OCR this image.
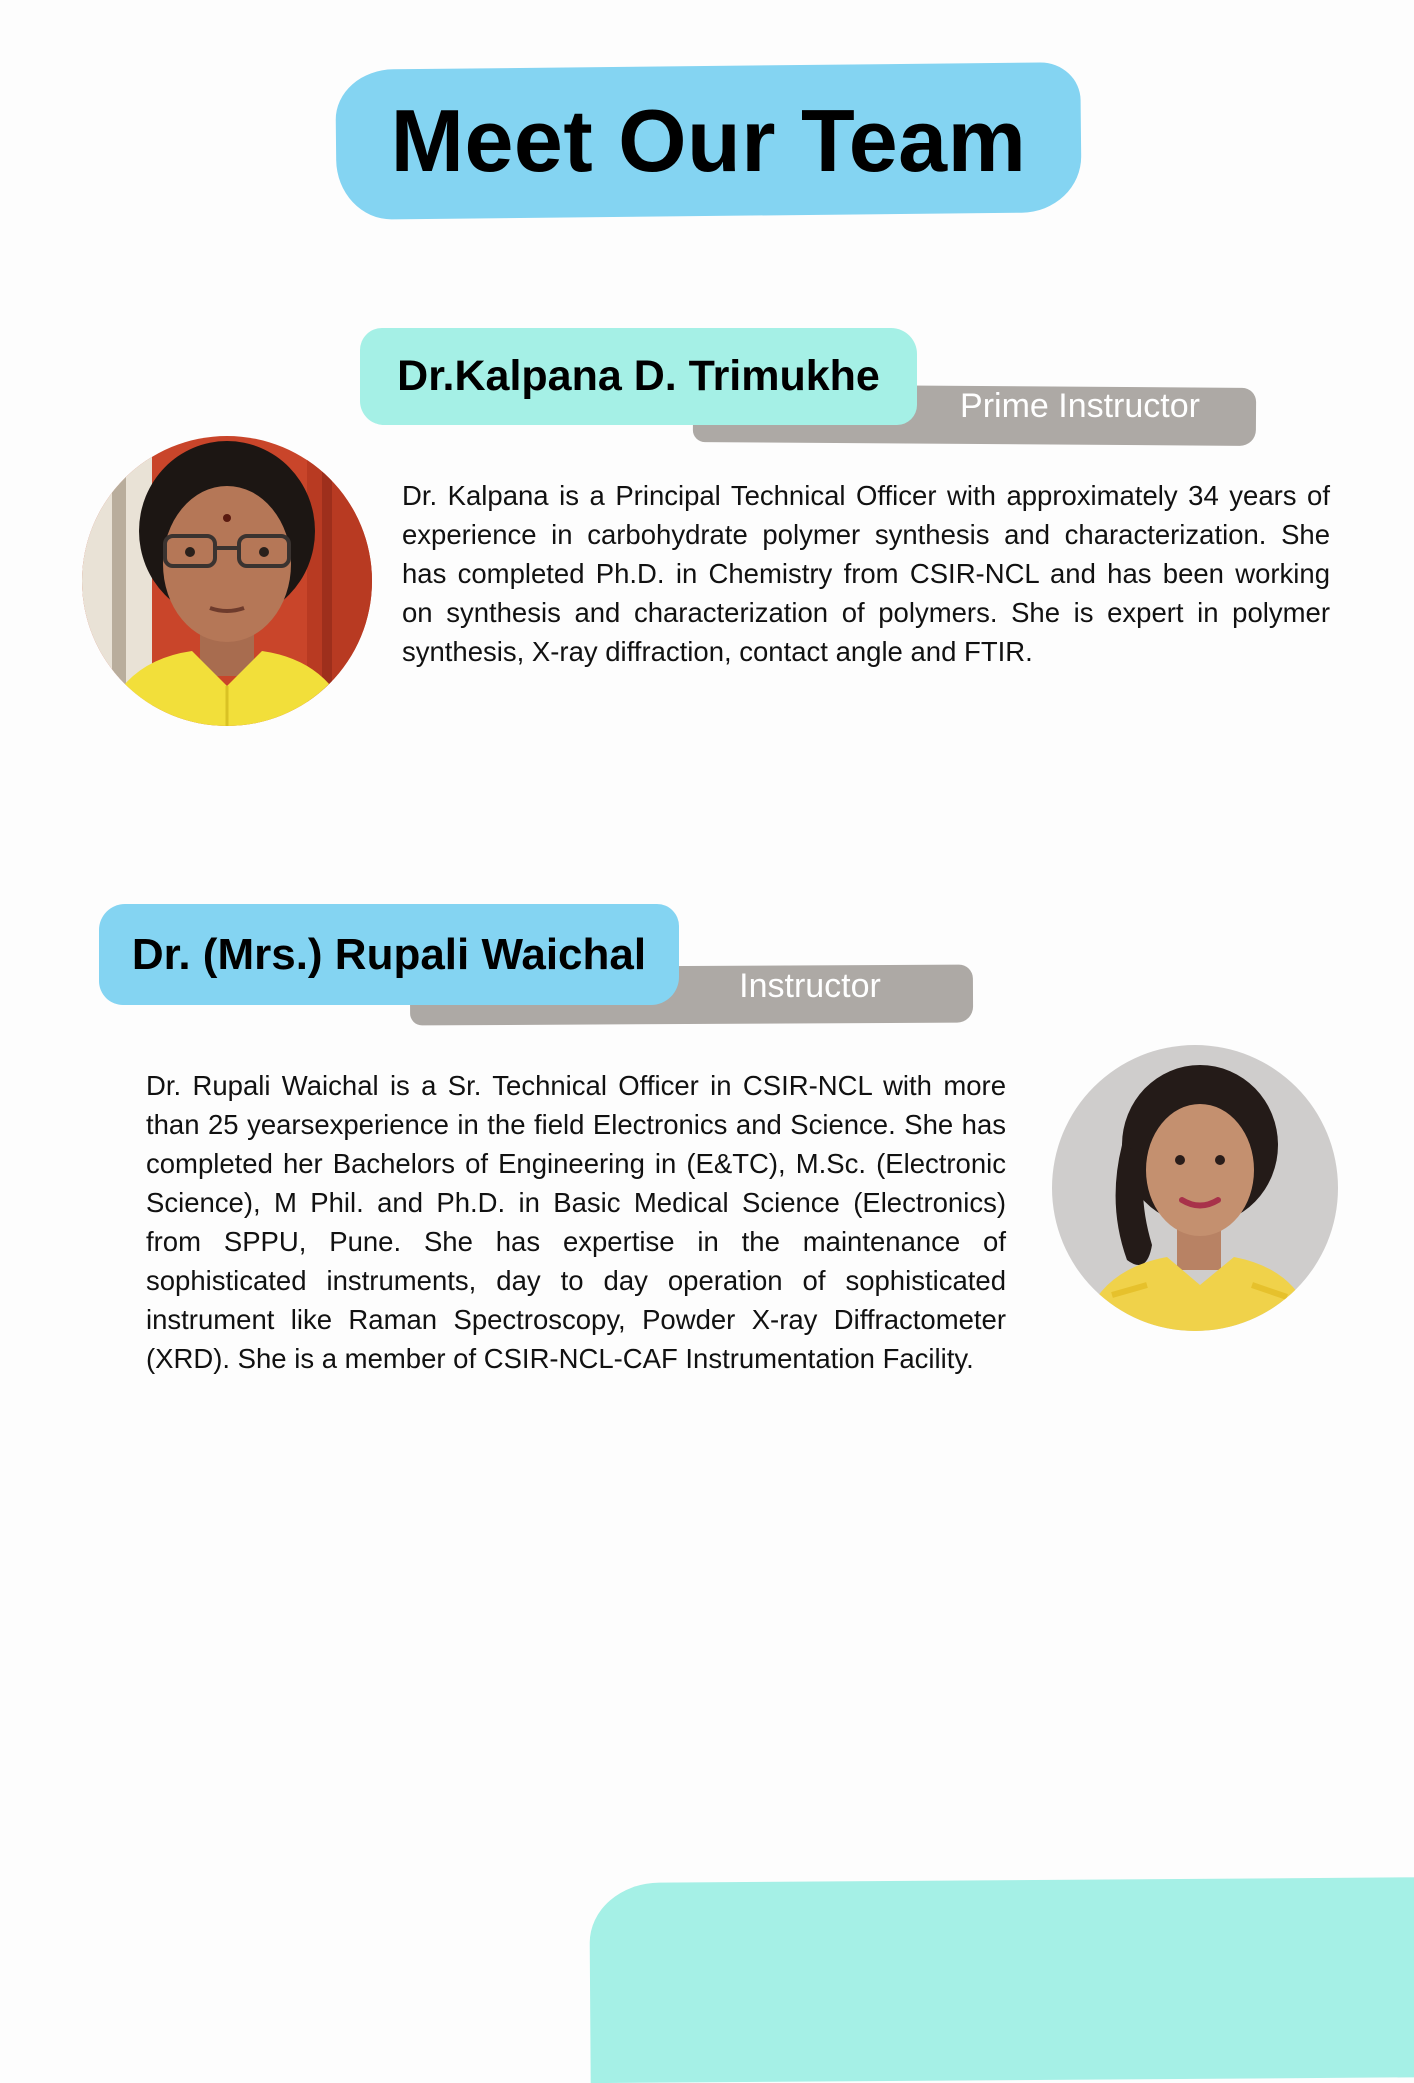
Meet Our Team
Prime Instructor
Dr.Kalpana D. Trimukhe

Dr. Kalpana is a Principal Technical Officer with approximately 34 years of experience in carbohydrate polymer synthesis and characterization. She has completed Ph.D. in Chemistry from CSIR-NCL and has been working on synthesis and characterization of polymers. She is expert in polymer synthesis, X-ray diffraction, contact angle and FTIR.

Instructor
Dr. (Mrs.) Rupali Waichal

Dr. Rupali Waichal is a Sr. Technical Officer in CSIR-NCL with more than 25 yearsexperience in the field Electronics and Science. She has completed her Bachelors of Engineering in (E&TC), M.Sc. (Electronic Science), M Phil. and Ph.D. in Basic Medical Science (Electronics) from SPPU, Pune. She has expertise in the maintenance of sophisticated instruments, day to day operation of sophisticated instrument like Raman Spectroscopy, Powder X-ray Diffractometer (XRD). She is a member of CSIR-NCL-CAF Instrumentation Facility.
